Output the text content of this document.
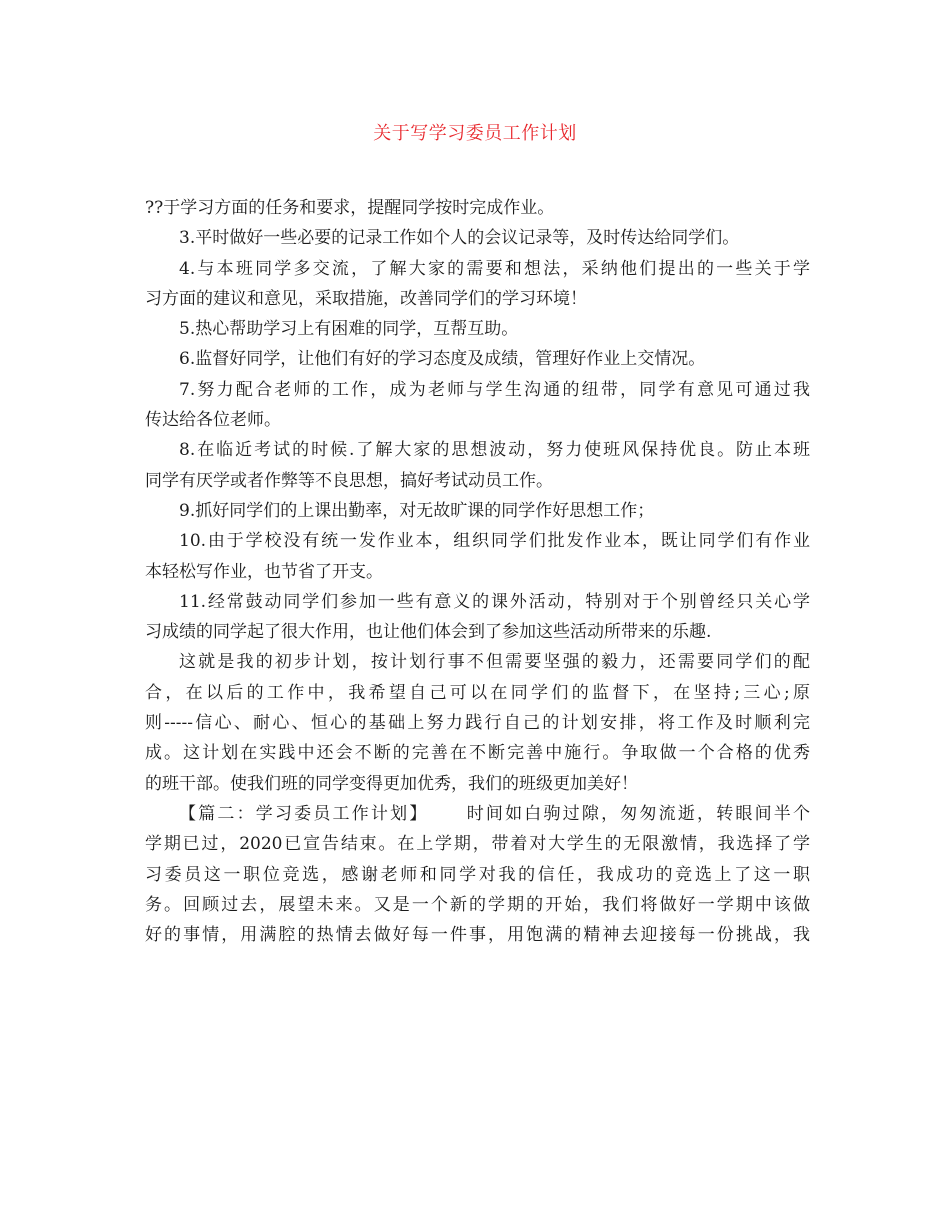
关于写学习委员工作计划
??于学习方面的任务和要求，提醒同学按时完成作业。
3.平时做好一些必要的记录工作如个人的会议记录等，及时传达给同学们。
4.与本班同学多交流，了解大家的需要和想法，采纳他们提出的一些关于学
习方面的建议和意见，采取措施，改善同学们的学习环境！
5.热心帮助学习上有困难的同学，互帮互助。
6.监督好同学，让他们有好的学习态度及成绩，管理好作业上交情况。
7.努力配合老师的工作，成为老师与学生沟通的纽带，同学有意见可通过我
传达给各位老师。
8.在临近考试的时候.了解大家的思想波动，努力使班风保持优良。防止本班
同学有厌学或者作弊等不良思想，搞好考试动员工作。
9.抓好同学们的上课出勤率，对无故旷课的同学作好思想工作；
10.由于学校没有统一发作业本，组织同学们批发作业本，既让同学们有作业
本轻松写作业，也节省了开支。
11.经常鼓动同学们参加一些有意义的课外活动，特别对于个别曾经只关心学
习成绩的同学起了很大作用，也让他们体会到了参加这些活动所带来的乐趣.
这就是我的初步计划，按计划行事不但需要坚强的毅力，还需要同学们的配
合，在以后的工作中，我希望自己可以在同学们的监督下，在坚持;三心;原
则-----信心、耐心、恒心的基础上努力践行自己的计划安排，将工作及时顺利完
成。这计划在实践中还会不断的完善在不断完善中施行。争取做一个合格的优秀
的班干部。使我们班的同学变得更加优秀，我们的班级更加美好！
【篇二：学习委员工作计划】 时间如白驹过隙，匆匆流逝，转眼间半个
学期已过，2020已宣告结束。在上学期，带着对大学生的无限激情，我选择了学
习委员这一职位竞选，感谢老师和同学对我的信任，我成功的竞选上了这一职
务。回顾过去，展望未来。又是一个新的学期的开始，我们将做好一学期中该做
好的事情，用满腔的热情去做好每一件事，用饱满的精神去迎接每一份挑战，我
